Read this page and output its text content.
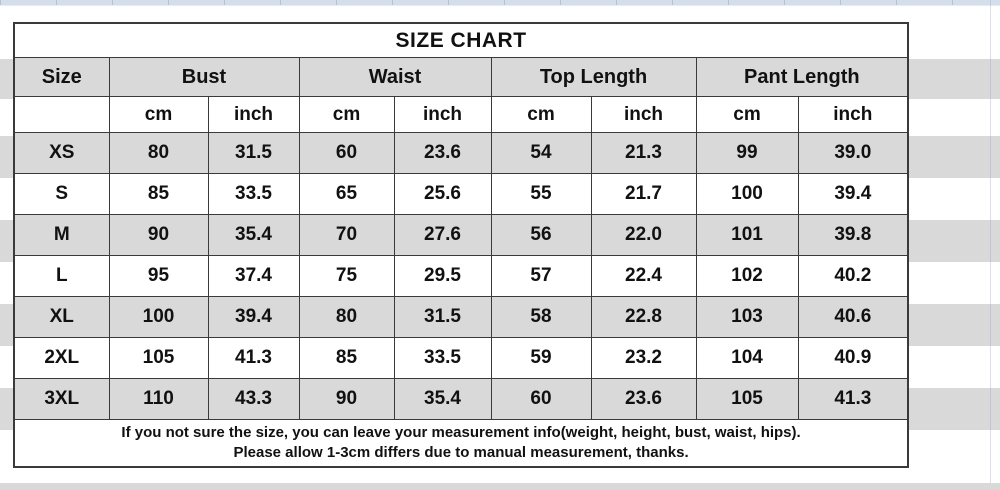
SIZE CHART								
Size	Bust		Waist		Top Length		Pant Length	
	cm	inch	cm	inch	cm	inch	cm	inch
XS	80	31.5	60	23.6	54	21.3	99	39.0
S	85	33.5	65	25.6	55	21.7	100	39.4
M	90	35.4	70	27.6	56	22.0	101	39.8
L	95	37.4	75	29.5	57	22.4	102	40.2
XL	100	39.4	80	31.5	58	22.8	103	40.6
2XL	105	41.3	85	33.5	59	23.2	104	40.9
3XL	110	43.3	90	35.4	60	23.6	105	41.3

If you not sure the size, you can leave your measurement info(weight, height, bust, waist, hips).
Please allow 1-3cm differs due to manual measurement, thanks.								
